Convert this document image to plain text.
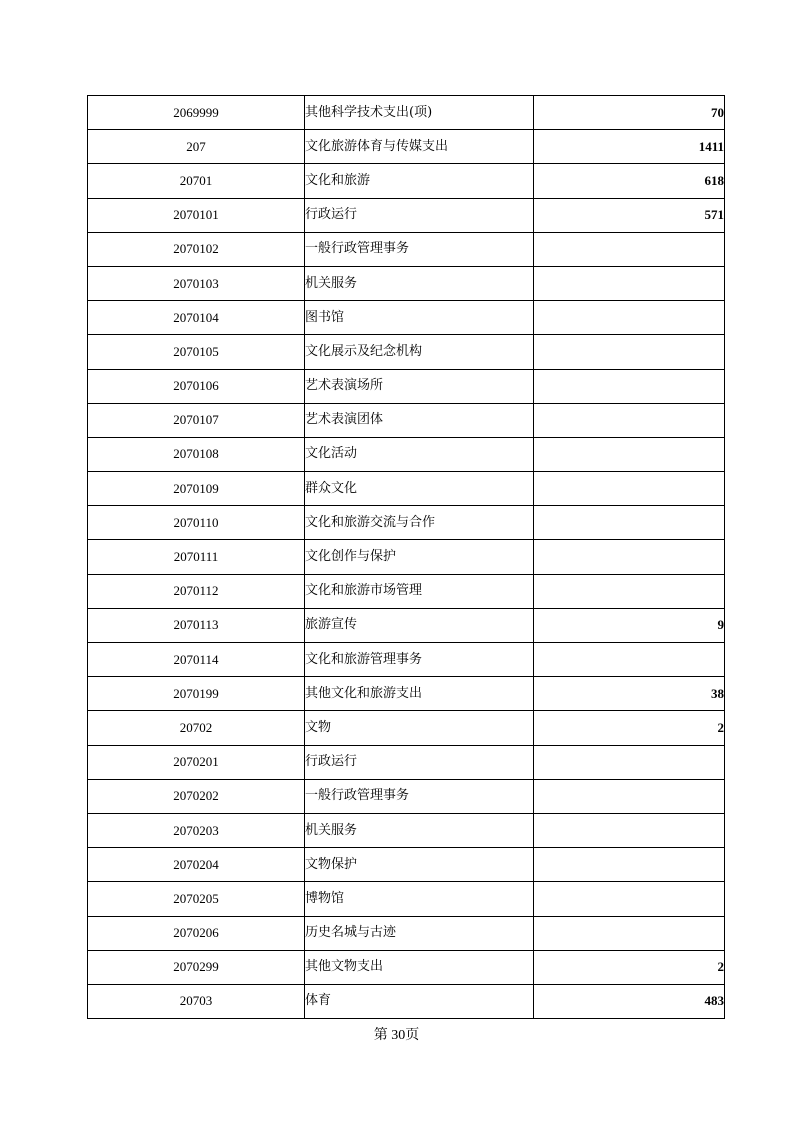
2069999	其他科学技术支出(项)	70
207	文化旅游体育与传媒支出	1411
20701	文化和旅游	618
2070101	行政运行	571
2070102	一般行政管理事务	
2070103	机关服务	
2070104	图书馆	
2070105	文化展示及纪念机构	
2070106	艺术表演场所	
2070107	艺术表演团体	
2070108	文化活动	
2070109	群众文化	
2070110	文化和旅游交流与合作	
2070111	文化创作与保护	
2070112	文化和旅游市场管理	
2070113	旅游宣传	9
2070114	文化和旅游管理事务	
2070199	其他文化和旅游支出	38
20702	文物	2
2070201	行政运行	
2070202	一般行政管理事务	
2070203	机关服务	
2070204	文物保护	
2070205	博物馆	
2070206	历史名城与古迹	
2070299	其他文物支出	2
20703	体育	483
第 30页
